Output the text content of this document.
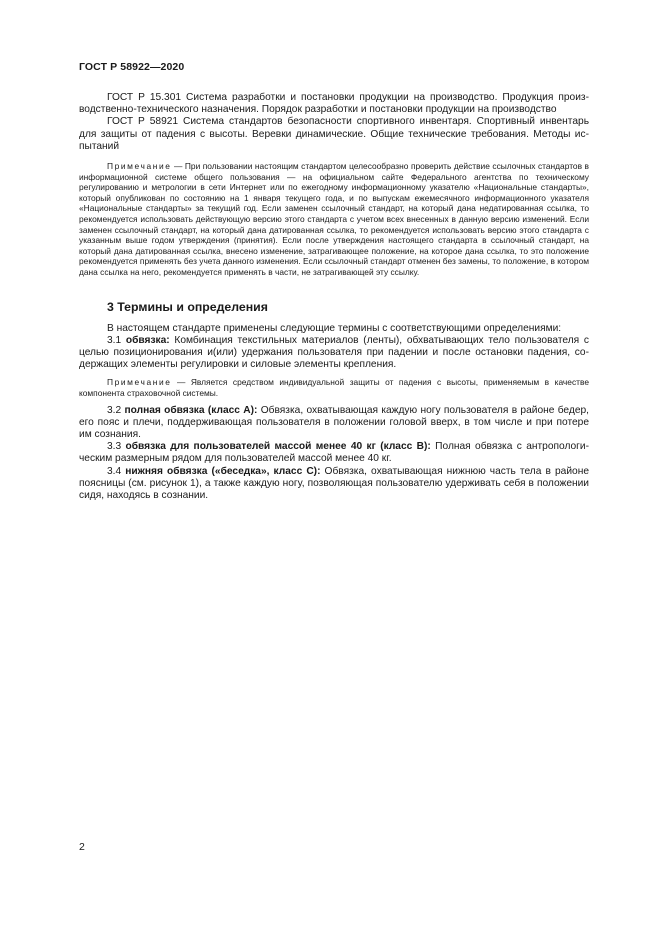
ГОСТ Р 58922—2020

ГОСТ Р 15.301 Система разработки и постановки продукции на производство. Продукция производственно-технического назначения. Порядок разработки и постановки продукции на производство

ГОСТ Р 58921 Система стандартов безопасности спортивного инвентаря. Спортивный инвентарь для защиты от падения с высоты. Веревки динамические. Общие технические требования. Методы испытаний

Примечание — При пользовании настоящим стандартом целесообразно проверить действие ссылочных стандартов в информационной системе общего пользования — на официальном сайте Федерального агентства по техническому регулированию и метрологии в сети Интернет или по ежегодному информационному указателю «Национальные стандарты», который опубликован по состоянию на 1 января текущего года, и по выпускам ежемесячного информационного указателя «Национальные стандарты» за текущий год. Если заменен ссылочный стандарт, на который дана недатированная ссылка, то рекомендуется использовать действующую версию этого стандарта с учетом всех внесенных в данную версию изменений. Если заменен ссылочный стандарт, на который дана датированная ссылка, то рекомендуется использовать версию этого стандарта с указанным выше годом утверждения (принятия). Если после утверждения настоящего стандарта в ссылочный стандарт, на который дана датированная ссылка, внесено изменение, затрагивающее положение, на которое дана ссылка, то это положение рекомендуется применять без учета данного изменения. Если ссылочный стандарт отменен без замены, то положение, в котором дана ссылка на него, рекомендуется применять в части, не затрагивающей эту ссылку.

3 Термины и определения

В настоящем стандарте применены следующие термины с соответствующими определениями:

3.1 обвязка: Комбинация текстильных материалов (ленты), обхватывающих тело пользователя с целью позиционирования и(или) удержания пользователя при падении и после остановки падения, содержащих элементы регулировки и силовые элементы крепления.

Примечание — Является средством индивидуальной защиты от падения с высоты, применяемым в качестве компонента страховочной системы.

3.2 полная обвязка (класс А): Обвязка, охватывающая каждую ногу пользователя в районе бедер, его пояс и плечи, поддерживающая пользователя в положении головой вверх, в том числе и при потере им сознания.

3.3 обвязка для пользователей массой менее 40 кг (класс В): Полная обвязка с антропологическим размерным рядом для пользователей массой менее 40 кг.

3.4 нижняя обвязка («беседка», класс С): Обвязка, охватывающая нижнюю часть тела в районе поясницы (см. рисунок 1), а также каждую ногу, позволяющая пользователю удерживать себя в положении сидя, находясь в сознании.

2
